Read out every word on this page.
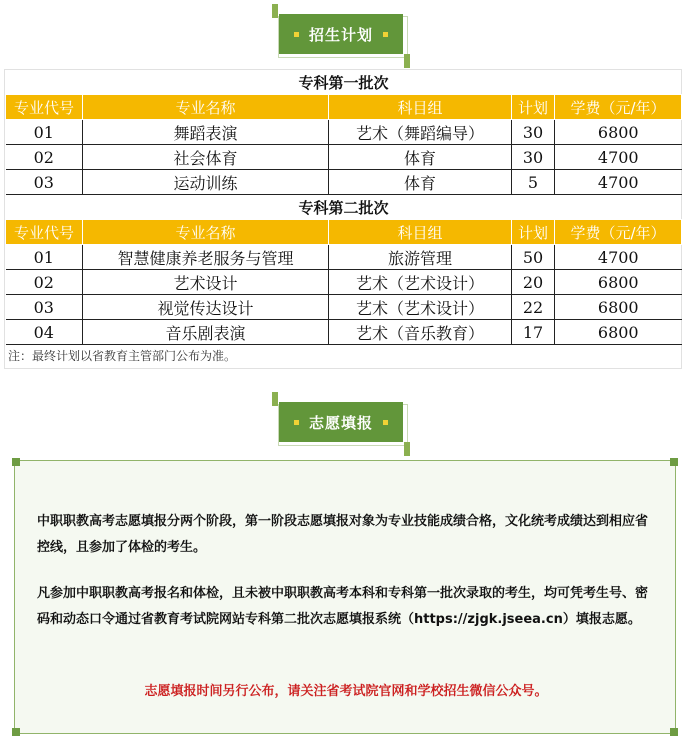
招生计划
专科第一批次				
专业代号	专业名称	科目组	计划	学费（元/年）
01	舞蹈表演	艺术（舞蹈编导）	30	6800
02	社会体育	体育	30	4700
03	运动训练	体育	5	4700
专科第二批次				
专业代号	专业名称	科目组	计划	学费（元/年）
01	智慧健康养老服务与管理	旅游管理	50	4700
02	艺术设计	艺术（艺术设计）	20	6800
03	视觉传达设计	艺术（艺术设计）	22	6800
04	音乐剧表演	艺术（音乐教育）	17	6800
注：最终计划以省教育主管部门公布为准。
志愿填报

中职职教高考志愿填报分两个阶段，第一阶段志愿填报对象为专业技能成绩合格，文化统考成绩达到相应省控线，且参加了体检的考生。

凡参加中职职教高考报名和体检，且未被中职职教高考本科和专科第一批次录取的考生，均可凭考生号、密码和动态口令通过省教育考试院网站专科第二批次志愿填报系统（https://zjgk.jseea.cn）填报志愿。

志愿填报时间另行公布，请关注省考试院官网和学校招生微信公众号。
